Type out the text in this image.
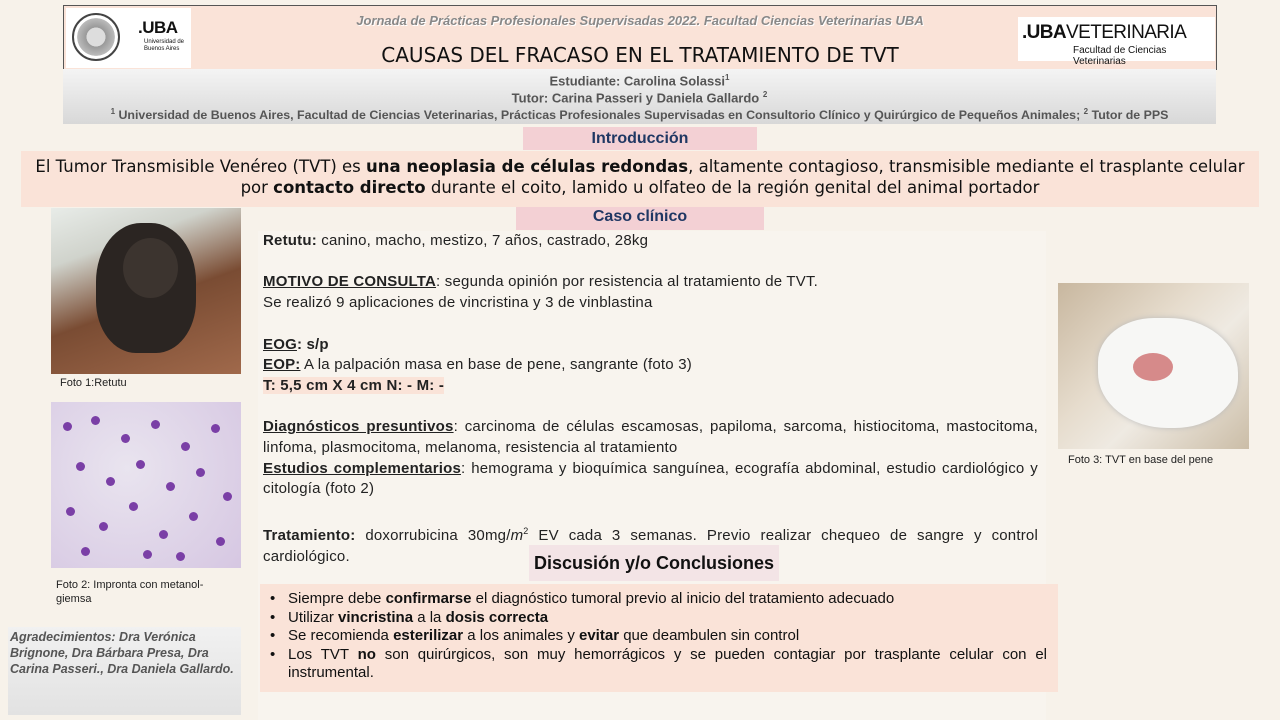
Jornada de Prácticas Profesionales Supervisadas 2022. Facultad Ciencias Veterinarias UBA
CAUSAS DEL FRACASO EN EL TRATAMIENTO DE TVT
.UBA
Universidad de
Buenos Aires
.UBAVETERINARIA
Facultad de Ciencias Veterinarias
Estudiante: Carolina Solassi$^1$
Tutor: Carina Passeri y Daniela Gallardo $^2$
$^1$ Universidad de Buenos Aires, Facultad de Ciencias Veterinarias, Prácticas Profesionales Supervisadas en Consultorio Clínico y Quirúrgico de Pequeños Animales; $^2$ Tutor de PPS
Introducción
El Tumor Transmisible Venéreo (TVT) es una neoplasia de células redondas, altamente contagioso, transmisible mediante el trasplante celular por contacto directo durante el coito, lamido u olfateo de la región genital del animal portador
Caso clínico

Retutu: canino, macho, mestizo, 7 años, castrado, 28kg

MOTIVO DE CONSULTA: segunda opinión por resistencia al tratamiento de TVT.

Se realizó 9 aplicaciones de vincristina y 3 de vinblastina

EOG: s/p

EOP: A la palpación masa en base de pene, sangrante (foto 3)

T: 5,5 cm X 4 cm N: - M: -

Diagnósticos presuntivos: carcinoma de células escamosas, papiloma, sarcoma, histiocitoma, mastocitoma, linfoma, plasmocitoma, melanoma, resistencia al tratamiento

Estudios complementarios: hemograma y bioquímica sanguínea, ecografía abdominal, estudio cardiológico y citología (foto 2)

Tratamiento: doxorrubicina $30mg/m^2$ EV cada 3 semanas. Previo realizar chequeo de sangre y control cardiológico.

Foto 1:Retutu
Foto 2: Impronta con metanol-giemsa
Foto 3: TVT en base del pene
Agradecimientos: Dra Verónica Brignone, Dra Bárbara Presa, Dra Carina Passeri., Dra Daniela Gallardo.
Discusión y/o Conclusiones
• Siempre debe confirmarse el diagnóstico tumoral previo al inicio del tratamiento adecuado
• Utilizar vincristina a la dosis correcta
• Se recomienda esterilizar a los animales y evitar que deambulen sin control
• Los TVT no son quirúrgicos, son muy hemorrágicos y se pueden contagiar por trasplante celular con el instrumental.
